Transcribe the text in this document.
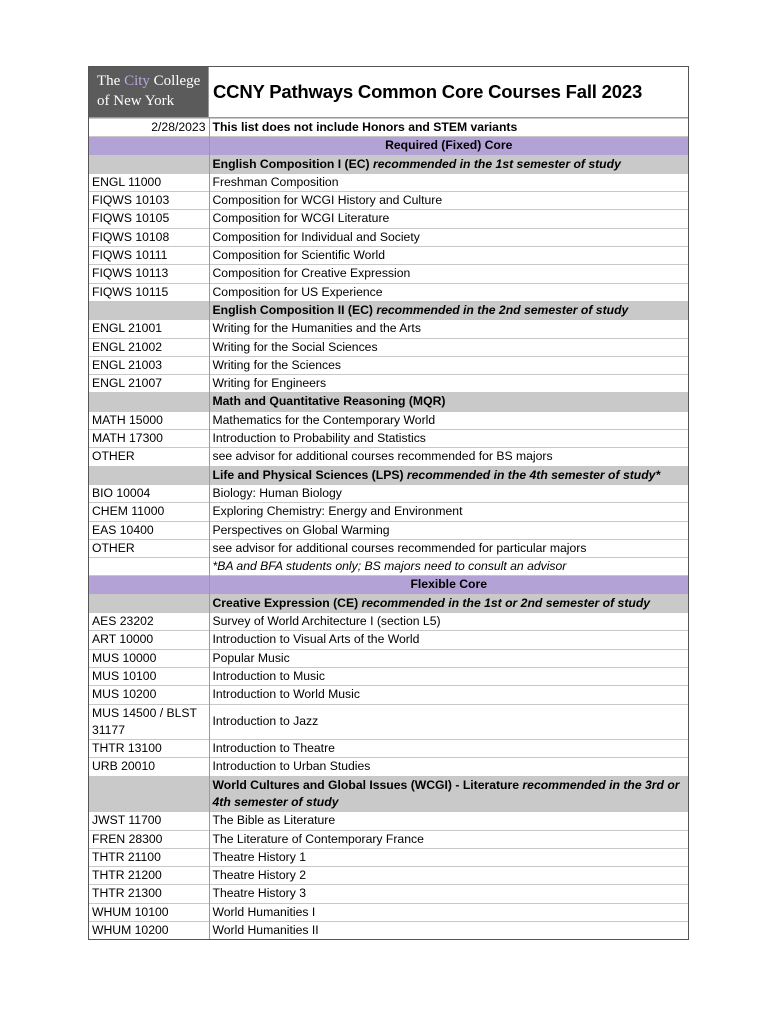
The City College
of New York	CCNY Pathways Common Core Courses Fall 2023
2/28/2023	This list does not include Honors and STEM variants
	Required (Fixed) Core
	English Composition I (EC) recommended in the 1st semester of study
ENGL 11000	Freshman Composition
FIQWS 10103	Composition for WCGI History and Culture
FIQWS 10105	Composition for WCGI Literature
FIQWS 10108	Composition for Individual and Society
FIQWS 10111	Composition for Scientific World
FIQWS 10113	Composition for Creative Expression
FIQWS 10115	Composition for US Experience
	English Composition II (EC) recommended in the 2nd semester of study
ENGL 21001	Writing for the Humanities and the Arts
ENGL 21002	Writing for the Social Sciences
ENGL 21003	Writing for the Sciences
ENGL 21007	Writing for Engineers
	Math and Quantitative Reasoning (MQR)
MATH 15000	Mathematics for the Contemporary World
MATH 17300	Introduction to Probability and Statistics
OTHER	see advisor for additional courses recommended for BS majors
	Life and Physical Sciences (LPS) recommended in the 4th semester of study*
BIO 10004	Biology: Human Biology
CHEM 11000	Exploring Chemistry: Energy and Environment
EAS 10400	Perspectives on Global Warming
OTHER	see advisor for additional courses recommended for particular majors
	*BA and BFA students only; BS majors need to consult an advisor
	Flexible Core
	Creative Expression (CE) recommended in the 1st or 2nd semester of study
AES 23202	Survey of World Architecture I (section L5)
ART 10000	Introduction to Visual Arts of the World
MUS 10000	Popular Music
MUS 10100	Introduction to Music
MUS 10200	Introduction to World Music
MUS 14500 / BLST 31177	Introduction to Jazz
THTR 13100	Introduction to Theatre
URB 20010	Introduction to Urban Studies
	World Cultures and Global Issues (WCGI) - Literature recommended in the 3rd or 4th semester of study
JWST 11700	The Bible as Literature
FREN 28300	The Literature of Contemporary France
THTR 21100	Theatre History 1
THTR 21200	Theatre History 2
THTR 21300	Theatre History 3
WHUM 10100	World Humanities I
WHUM 10200	World Humanities II
